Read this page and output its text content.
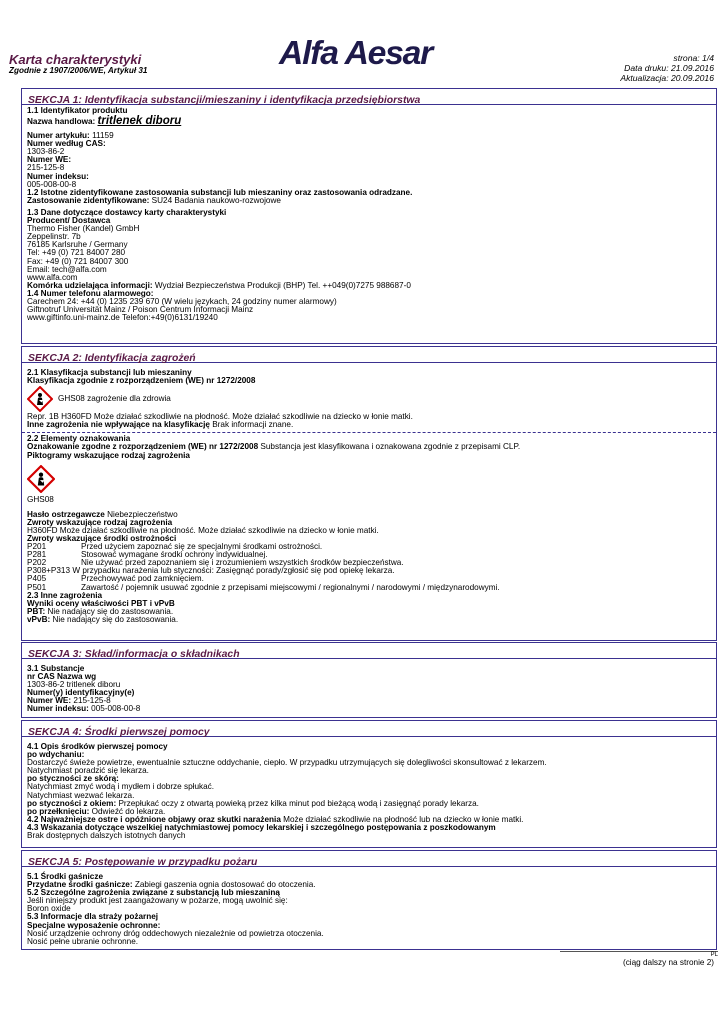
Karta charakterystyki
Zgodnie z 1907/2006/WE, Artykuł 31	Alfa Aesar	strona: 1/4
Data druku: 21.09.2016
Aktualizacja: 20.09.2016
SEKCJA 1: Identyfikacja substancji/mieszaniny i identyfikacja przedsiębiorstwa
1.1 Identyfikator produktu
Nazwa handlowa: tritlenek diboru
Numer artykułu: 11159
Numer według CAS:
1303-86-2
Numer WE:
215-125-8
Numer indeksu:
005-008-00-8
1.2 Istotne zidentyfikowane zastosowania substancji lub mieszaniny oraz zastosowania odradzane.
Zastosowanie zidentyfikowane: SU24 Badania naukowo-rozwojowe
1.3 Dane dotyczące dostawcy karty charakterystyki
Producent/ Dostawca
Thermo Fisher (Kandel) GmbH
Zeppelinstr. 7b
76185 Karlsruhe / Germany
Tel: +49 (0) 721 84007 280
Fax: +49 (0) 721 84007 300
Email: tech@alfa.com
www.alfa.com
Komórka udzielająca informacji: Wydział Bezpieczeństwa Produkcji (BHP) Tel. ++049(0)7275 988687-0
1.4 Numer telefonu alarmowego:
Carechem 24: +44 (0) 1235 239 670 (W wielu językach, 24 godziny numer alarmowy)
Giftnotruf Universität Mainz / Poison Centrum Informacji Mainz
www.giftinfo.uni-mainz.de Telefon:+49(0)6131/19240
SEKCJA 2: Identyfikacja zagrożeń
2.1 Klasyfikacja substancji lub mieszaniny
Klasyfikacja zgodnie z rozporządzeniem (WE) nr 1272/2008
GHS08 zagrożenie dla zdrowia
Repr. 1B H360FD Może działać szkodliwie na płodność. Może działać szkodliwie na dziecko w łonie matki.
Inne zagrożenia nie wpływające na klasyfikację Brak informacji znane.
2.2 Elementy oznakowania
Oznakowanie zgodne z rozporządzeniem (WE) nr 1272/2008 Substancja jest klasyfikowana i oznakowana zgodnie z przepisami CLP.
Piktogramy wskazujące rodzaj zagrożenia
GHS08
Hasło ostrzegawcze Niebezpieczeństwo
Zwroty wskazujące rodzaj zagrożenia
H360FD Może działać szkodliwie na płodność. Może działać szkodliwie na dziecko w łonie matki.
Zwroty wskazujące środki ostrożności
P201	Przed użyciem zapoznać się ze specjalnymi środkami ostrożności.
P281	Stosować wymagane środki ochrony indywidualnej.
P202	Nie używać przed zapoznaniem się i zrozumieniem wszystkich środków bezpieczeństwa.
P308+P313 W przypadku narażenia lub styczności: Zasięgnąć porady/zgłosić się pod opiekę lekarza.
P405	Przechowywać pod zamknięciem.
P501	Zawartość / pojemnik usuwać zgodnie z przepisami miejscowymi / regionalnymi / narodowymi / międzynarodowymi.
2.3 Inne zagrożenia
Wyniki oceny właściwości PBT i vPvB
PBT: Nie nadający się do zastosowania.
vPvB: Nie nadający się do zastosowania.
SEKCJA 3: Skład/informacja o składnikach
3.1 Substancje
nr CAS Nazwa wg
1303-86-2 tritlenek diboru
Numer(y) identyfikacyjny(e)
Numer WE: 215-125-8
Numer indeksu: 005-008-00-8
SEKCJA 4: Środki pierwszej pomocy
4.1 Opis środków pierwszej pomocy
po wdychaniu:
Dostarczyć świeże powietrze, ewentualnie sztuczne oddychanie, ciepło. W przypadku utrzymujących się dolegliwości skonsultować z lekarzem.
Natychmiast poradzić się lekarza.
po styczności ze skórą:
Natychmiast zmyć wodą i mydłem i dobrze spłukać.
Natychmiast wezwać lekarza.
po styczności z okiem: Przepłukać oczy z otwartą powieką przez kilka minut pod bieżącą wodą i zasięgnąć porady lekarza.
po przełknięciu: Odwieźć do lekarza.
4.2 Najważniejsze ostre i opóźnione objawy oraz skutki narażenia Może działać szkodliwie na płodność lub na dziecko w łonie matki.
4.3 Wskazania dotyczące wszelkiej natychmiastowej pomocy lekarskiej i szczególnego postępowania z poszkodowanym
Brak dostępnych dalszych istotnych danych
SEKCJA 5: Postępowanie w przypadku pożaru
5.1 Środki gaśnicze
Przydatne środki gaśnicze: Zabiegi gaszenia ognia dostosować do otoczenia.
5.2 Szczególne zagrożenia związane z substancją lub mieszaniną
Jeśli niniejszy produkt jest zaangażowany w pożarze, mogą uwolnić się:
Boron oxide
5.3 Informacje dla straży pożarnej
Specjalne wyposażenie ochronne:
Nosić urządzenie ochrony dróg oddechowych niezależnie od powietrza otoczenia.
Nosić pełne ubranie ochronne.
PL
(ciąg dalszy na stronie 2)
